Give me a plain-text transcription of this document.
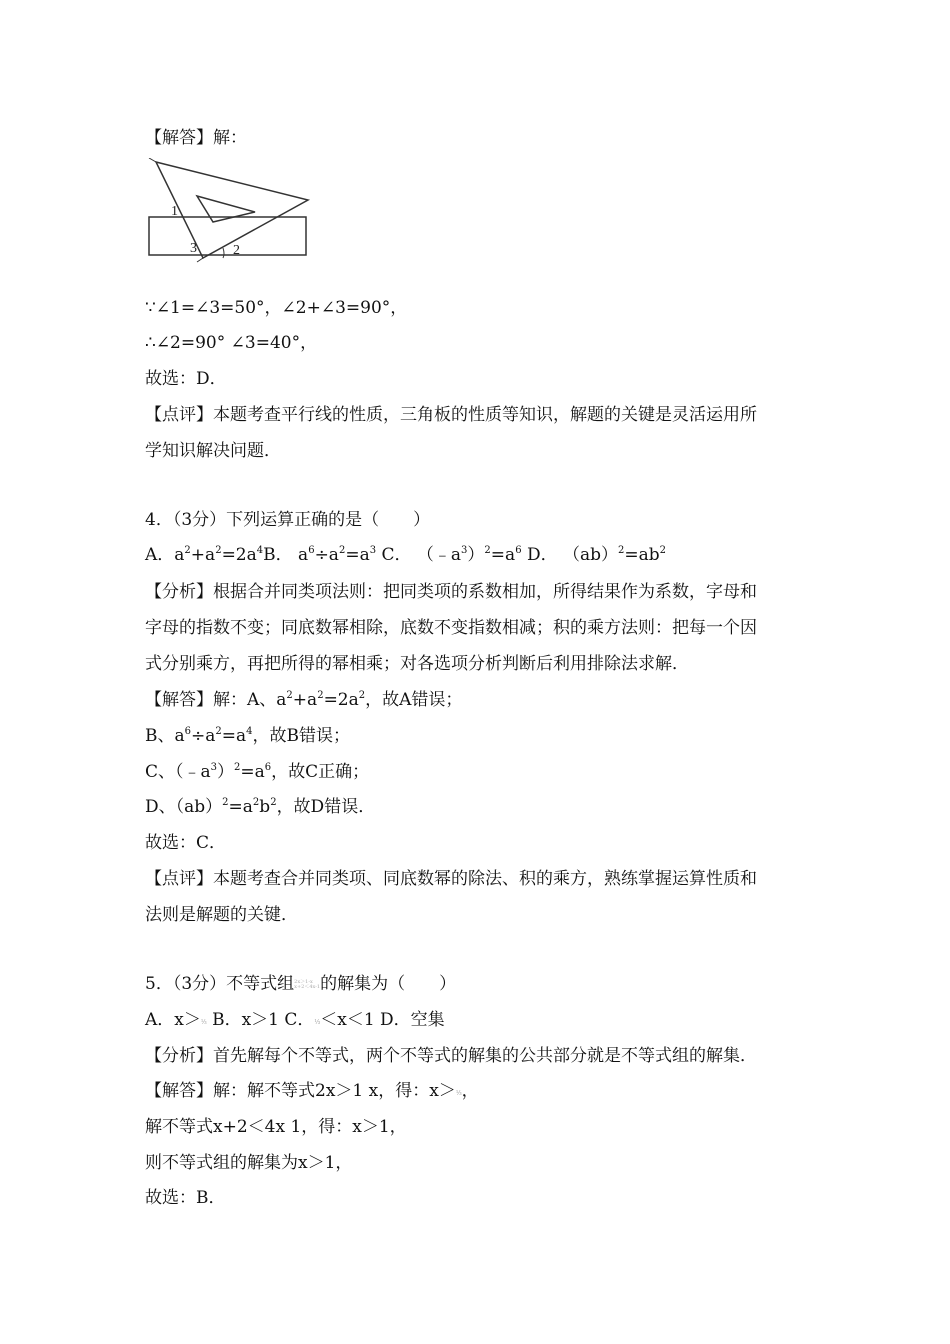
【解答】解：
1
3	2
∵∠1=∠3=50°，∠2+∠3=90°，
∴∠2=90° ∠3=40°，
故选：D．
【点评】本题考查平行线的性质，三角板的性质等知识，解题的关键是灵活运用所
学知识解决问题．
4．（3分）下列运算正确的是（　　）
A．$a^2+a^2=2a^4B$． $a^6\div a^2=a^3$ C． $(﹣a^3)^2=a^6$ D． $(ab)^2=ab^2$
【分析】根据合并同类项法则：把同类项的系数相加，所得结果作为系数，字母和
字母的指数不变；同底数幂相除，底数不变指数相减；积的乘方法则：把每一个因
式分别乘方，再把所得的幂相乘；对各选项分析判断后利用排除法求解．
【解答】解：A、$a^2+a^2=2a^2$，故A错误；
B、$a^6\div a^2=a^4$，故B错误；
C、$(﹣a^3)^2=a^6$，故C正确；
D、$(ab)^2=a^2b^2$，故D错误．
故选：C．
【点评】本题考查合并同类项、同底数幂的除法、积的乘方，熟练掌握运算性质和
法则是解题的关键．
5．（3分）不等式组2x＞1-x
x+2＜4x-1的解集为（　　）
A．x＞⅓ B．x＞1 C．⅓＜x＜1 D．空集
【分析】首先解每个不等式，两个不等式的解集的公共部分就是不等式组的解集．
【解答】解：解不等式2x＞1 x，得：x＞⅓，
解不等式x+2＜4x 1，得：x＞1，
则不等式组的解集为x＞1，
故选：B．
